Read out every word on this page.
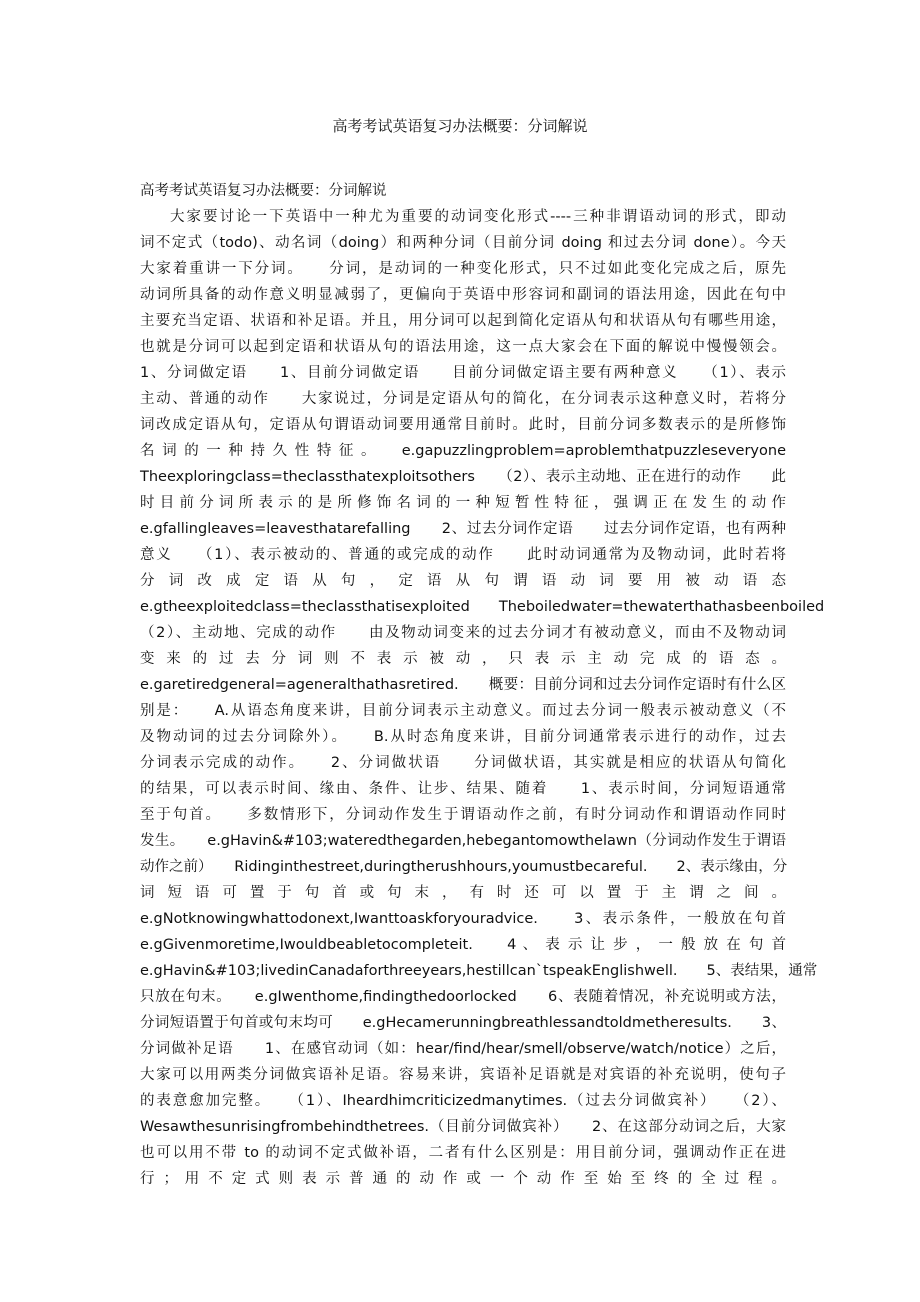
高考考试英语复习办法概要：分词解说
高考考试英语复习办法概要：分词解说
大家要讨论一下英语中一种尤为重要的动词变化形式----三种非谓语动词的形式，即动
词不定式（todo)、动名词（doing）和两种分词（目前分词 doing 和过去分词 done）。今天
大家着重讲一下分词。　　分词，是动词的一种变化形式，只不过如此变化完成之后，原先
动词所具备的动作意义明显减弱了，更偏向于英语中形容词和副词的语法用途，因此在句中
主要充当定语、状语和补足语。并且，用分词可以起到简化定语从句和状语从句有哪些用途，
也就是分词可以起到定语和状语从句的语法用途，这一点大家会在下面的解说中慢慢领会。
1、分词做定语　　1、目前分词做定语　　目前分词做定语主要有两种意义　　（1）、表示
主动、普通的动作　　大家说过，分词是定语从句的简化，在分词表示这种意义时，若将分
词改成定语从句，定语从句谓语动词要用通常目前时。此时，目前分词多数表示的是所修饰
名 词 的 一 种 持 久 性 特 征 。　　e.gapuzzlingproblem=aproblemthatpuzzleseveryone
Theexploringclass=theclassthatexploitsothers　　（2）、表示主动地、正在进行的动作　　此
时 目 前 分 词 所 表 示 的 是 所 修 饰 名 词 的 一 种 短 暂 性 特 征 ， 强 调 正 在 发 生 的 动 作
e.gfallingleaves=leavesthatarefalling　　2、过去分词作定语　　过去分词作定语，也有两种
意义　　（1）、表示被动的、普通的或完成的动作　　此时动词通常为及物动词，此时若将
分 词 改 成 定 语 从 句 ， 定 语 从 句 谓 语 动 词 要 用 被 动 语 态
e.gtheexploitedclass=theclassthatisexploited　　Theboiledwater=thewaterthathasbeenboiled
（2）、主动地、完成的动作　　由及物动词变来的过去分词才有被动意义，而由不及物动词
变 来 的 过 去 分 词 则 不 表 示 被 动 ， 只 表 示 主 动 完 成 的 语 态 。
e.garetiredgeneral=ageneralthathasretired.　　概要：目前分词和过去分词作定语时有什么区
别是：　　A.从语态角度来讲，目前分词表示主动意义。而过去分词一般表示被动意义（不
及物动词的过去分词除外）。　　B.从时态角度来讲，目前分词通常表示进行的动作，过去
分词表示完成的动作。　　2、分词做状语　　分词做状语，其实就是相应的状语从句简化
的结果，可以表示时间、缘由、条件、让步、结果、随着　　1、表示时间，分词短语通常
至于句首。　　多数情形下，分词动作发生于谓语动作之前，有时分词动作和谓语动作同时
发生。　　e.gHavin&#103;wateredthegarden,hebegantomowthelawn（分词动作发生于谓语
动作之前）　　Ridinginthestreet,duringtherushhours,youmustbecareful.　　2、表示缘由，分
词 短 语 可 置 于 句 首 或 句 末 ， 有 时 还 可 以 置 于 主 谓 之 间 。
e.gNotknowingwhattodonext,Iwanttoaskforyouradvice.　　3、表示条件，一般放在句首
e.gGivenmoretime,Iwouldbeabletocompleteit.　　4 、 表 示 让 步 ， 一 般 放 在 句 首
e.gHavin&#103;livedinCanadaforthreeyears,hestillcan`tspeakEnglishwell.　　5、表结果，通常
只放在句末。　　e.gIwenthome,findingthedoorlocked　　6、表随着情况，补充说明或方法，
分词短语置于句首或句末均可　　e.gHecamerunningbreathlessandtoldmetheresults.　　3、
分词做补足语　　1、在感官动词（如：hear/find/hear/smell/observe/watch/notice）之后，
大家可以用两类分词做宾语补足语。容易来讲，宾语补足语就是对宾语的补充说明，使句子
的表意愈加完整。　　（1）、Iheardhimcriticizedmanytimes.（过去分词做宾补）　　（2）、
Wesawthesunrisingfrombehindthetrees.（目前分词做宾补）　　2、在这部分动词之后，大家
也可以用不带 to 的动词不定式做补语，二者有什么区别是：用目前分词，强调动作正在进
行 ； 用 不 定 式 则 表 示 普 通 的 动 作 或 一 个 动 作 至 始 至 终 的 全 过 程 。
